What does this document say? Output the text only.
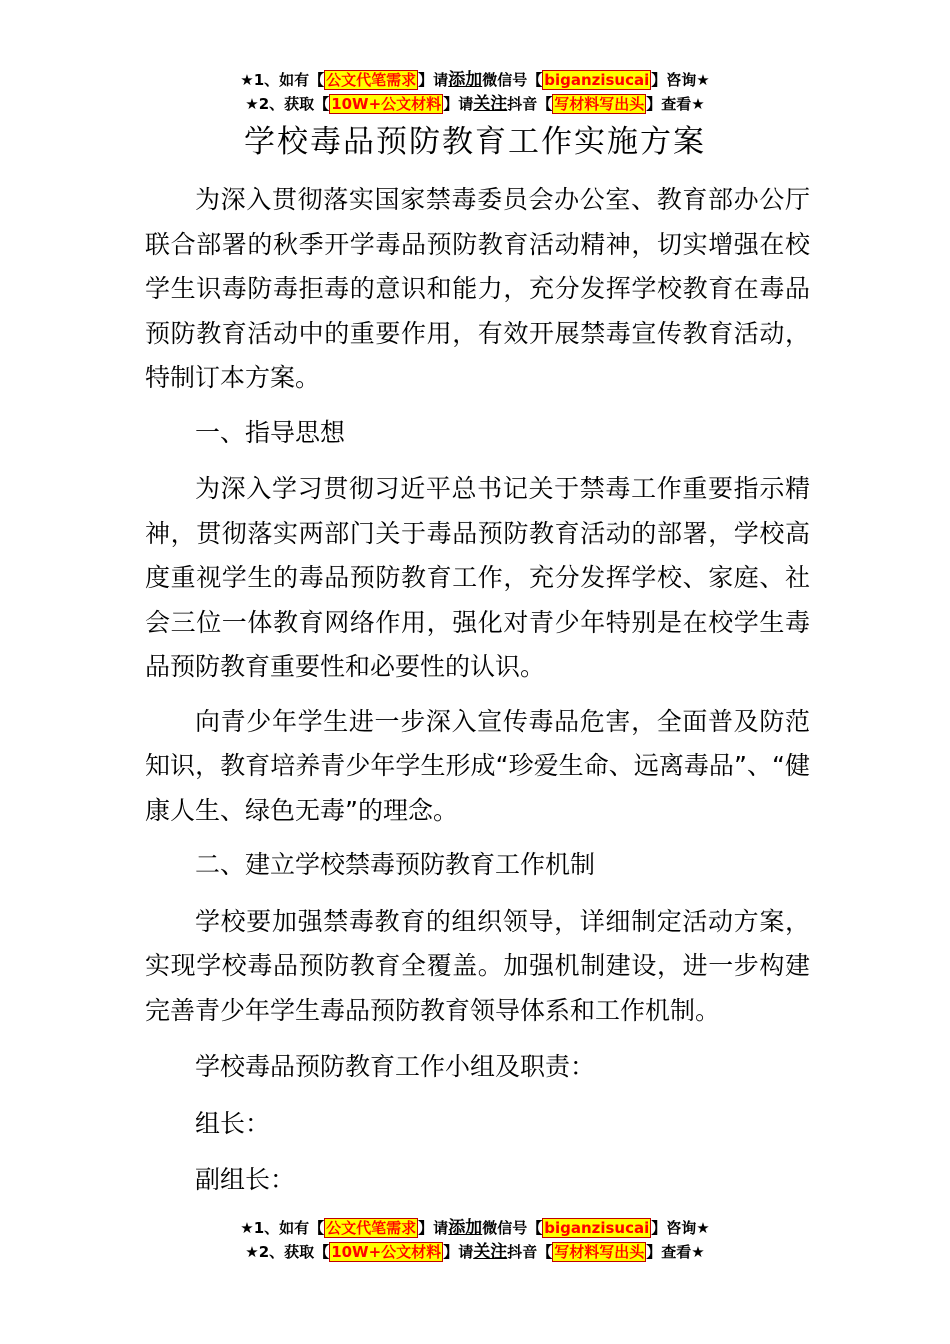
★1、如有【 公文代笔需求 】请添加微信号【 biganzisucai 】咨询★
★2、获取【 10W+公文材料 】请关注抖音【 写材料写出头 】查看★
学校毒品预防教育工作实施方案

为深入贯彻落实国家禁毒委员会办公室、教育部办公厅联合部署的秋季开学毒品预防教育活动精神，切实增强在校学生识毒防毒拒毒的意识和能力，充分发挥学校教育在毒品预防教育活动中的重要作用，有效开展禁毒宣传教育活动，特制订本方案。

一、指导思想

为深入学习贯彻习近平总书记关于禁毒工作重要指示精神，贯彻落实两部门关于毒品预防教育活动的部署，学校高度重视学生的毒品预防教育工作，充分发挥学校、家庭、社会三位一体教育网络作用，强化对青少年特别是在校学生毒品预防教育重要性和必要性的认识。

向青少年学生进一步深入宣传毒品危害，全面普及防范知识，教育培养青少年学生形成“珍爱生命、远离毒品”、“健康人生、绿色无毒”的理念。

二、建立学校禁毒预防教育工作机制

学校要加强禁毒教育的组织领导，详细制定活动方案，实现学校毒品预防教育全覆盖。加强机制建设，进一步构建完善青少年学生毒品预防教育领导体系和工作机制。

学校毒品预防教育工作小组及职责：

组长：

副组长：

★1、如有【 公文代笔需求 】请添加微信号【 biganzisucai 】咨询★
★2、获取【 10W+公文材料 】请关注抖音【 写材料写出头 】查看★
